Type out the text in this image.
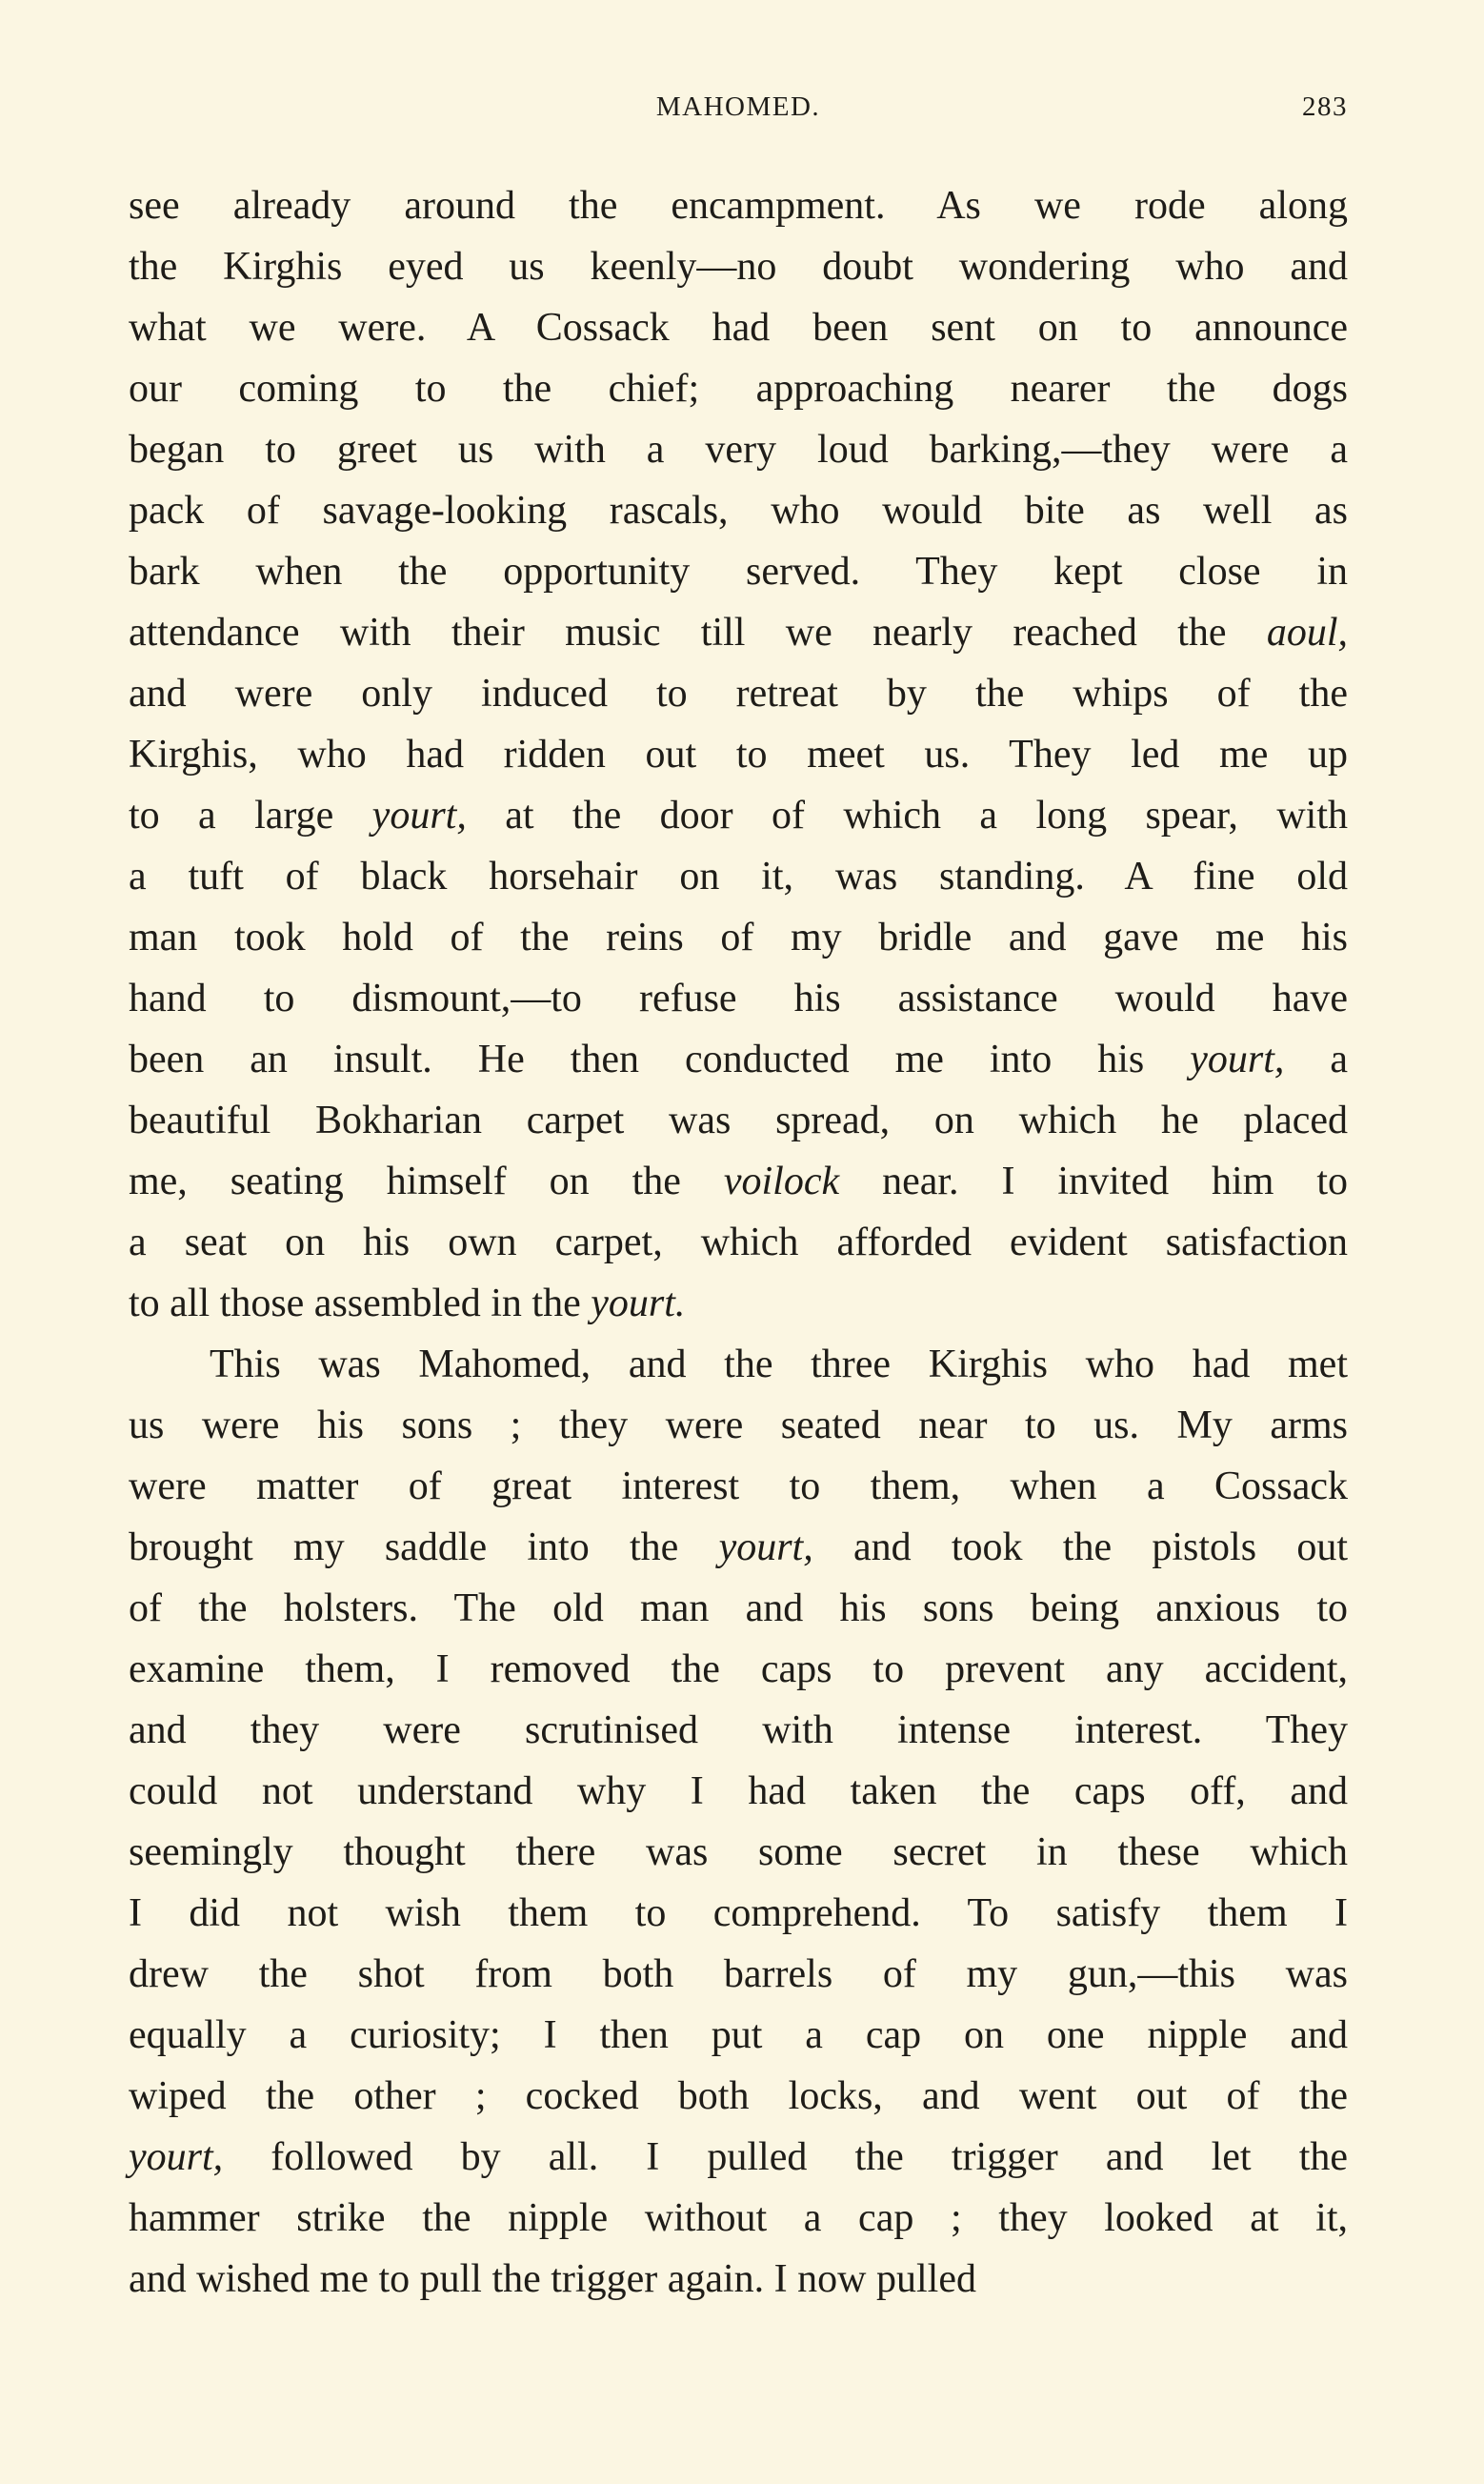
MAHOMED.	283
see already around the encampment. As we rode along
the Kirghis eyed us keenly—no doubt wondering who and
what we were. A Cossack had been sent on to announce
our coming to the chief; approaching nearer the dogs
began to greet us with a very loud barking,—they were a
pack of savage-looking rascals, who would bite as well as
bark when the opportunity served. They kept close in
attendance with their music till we nearly reached the aoul,
and were only induced to retreat by the whips of the
Kirghis, who had ridden out to meet us. They led me up
to a large yourt, at the door of which a long spear, with
a tuft of black horsehair on it, was standing. A fine old
man took hold of the reins of my bridle and gave me his
hand to dismount,—to refuse his assistance would have
been an insult. He then conducted me into his yourt, a
beautiful Bokharian carpet was spread, on which he placed
me, seating himself on the voilock near. I invited him to
a seat on his own carpet, which afforded evident satisfaction
to all those assembled in the yourt.
This was Mahomed, and the three Kirghis who had met
us were his sons ; they were seated near to us. My arms
were matter of great interest to them, when a Cossack
brought my saddle into the yourt, and took the pistols out
of the holsters. The old man and his sons being anxious to
examine them, I removed the caps to prevent any accident,
and they were scrutinised with intense interest. They
could not understand why I had taken the caps off, and
seemingly thought there was some secret in these which
I did not wish them to comprehend. To satisfy them I
drew the shot from both barrels of my gun,—this was
equally a curiosity; I then put a cap on one nipple and
wiped the other ; cocked both locks, and went out of the
yourt, followed by all. I pulled the trigger and let the
hammer strike the nipple without a cap ; they looked at it,
and wished me to pull the trigger again. I now pulled
